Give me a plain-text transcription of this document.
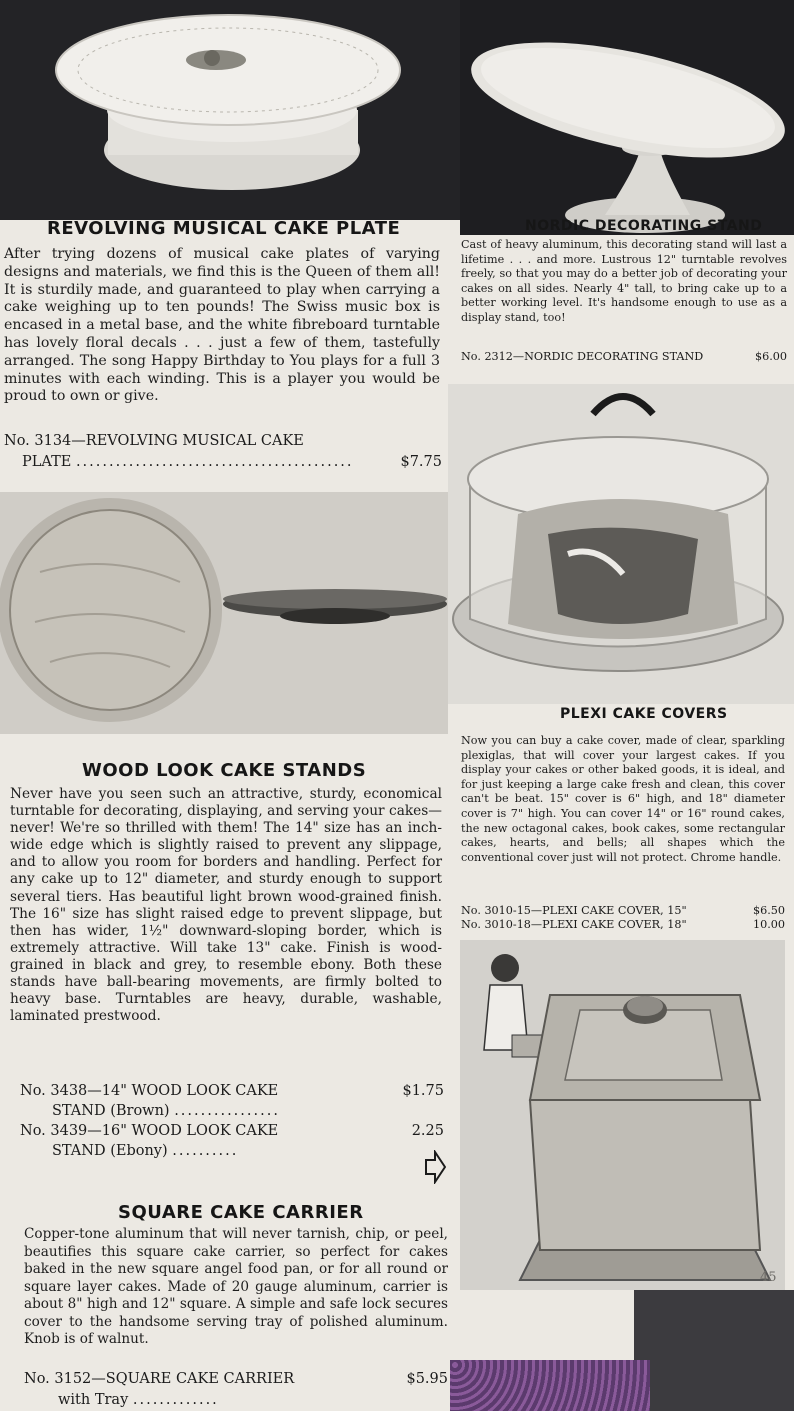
REVOLVING MUSICAL CAKE PLATE
After trying dozens of musical cake plates of varying designs and materials, we find this is the Queen of them all! It is sturdily made, and guaranteed to play when carrying a cake weighing up to ten pounds! The Swiss music box is encased in a metal base, and the white fibreboard turntable has lovely floral decals . . . just a few of them, tastefully arranged. The song Happy Birthday to You plays for a full 3 minutes with each winding. This is a player you would be proud to own or give.
No. 3134—REVOLVING MUSICAL CAKE
PLATE ..........................................	$7.75
NORDIC DECORATING STAND
Cast of heavy aluminum, this decorating stand will last a lifetime . . . and more. Lustrous 12" turntable revolves freely, so that you may do a better job of decorating your cakes on all sides. Nearly 4" tall, to bring cake up to a better working level. It's handsome enough to use as a display stand, too!
No. 2312—NORDIC DECORATING STAND	$6.00
PLEXI CAKE COVERS
Now you can buy a cake cover, made of clear, sparkling plexiglas, that will cover your largest cakes. If you display your cakes or other baked goods, it is ideal, and for just keeping a large cake fresh and clean, this cover can't be beat. 15" cover is 6" high, and 18" diameter cover is 7" high. You can cover 14" or 16" round cakes, the new octagonal cakes, book cakes, some rectangular cakes, hearts, and bells; all shapes which the conventional cover just will not protect. Chrome handle.
No. 3010-15—PLEXI CAKE COVER, 15"	$6.50
No. 3010-18—PLEXI CAKE COVER, 18"	10.00
WOOD LOOK CAKE STANDS
Never have you seen such an attractive, sturdy, economical turntable for decorating, displaying, and serving your cakes—never! We're so thrilled with them! The 14" size has an inch-wide edge which is slightly raised to prevent any slippage, and to allow you room for borders and handling. Perfect for any cake up to 12" diameter, and sturdy enough to support several tiers. Has beautiful light brown wood-grained finish. The 16" size has slight raised edge to prevent slippage, but then has wider, 1½" downward-sloping border, which is extremely attractive. Will take 13" cake. Finish is wood-grained in black and grey, to resemble ebony. Both these stands have ball-bearing movements, are firmly bolted to heavy base. Turntables are heavy, durable, washable, laminated prestwood.
No. 3438—14" WOOD LOOK CAKE	$1.75
STAND (Brown) ................
No. 3439—16" WOOD LOOK CAKE	2.25
STAND (Ebony) ..........
SQUARE CAKE CARRIER
Copper-tone aluminum that will never tarnish, chip, or peel, beautifies this square cake carrier, so perfect for cakes baked in the new square angel food pan, or for all round or square layer cakes. Made of 20 gauge aluminum, carrier is about 8" high and 12" square. A simple and safe lock secures cover to the handsome serving tray of polished aluminum. Knob is of walnut.
No. 3152—SQUARE CAKE CARRIER	$5.95
with Tray .............
45
